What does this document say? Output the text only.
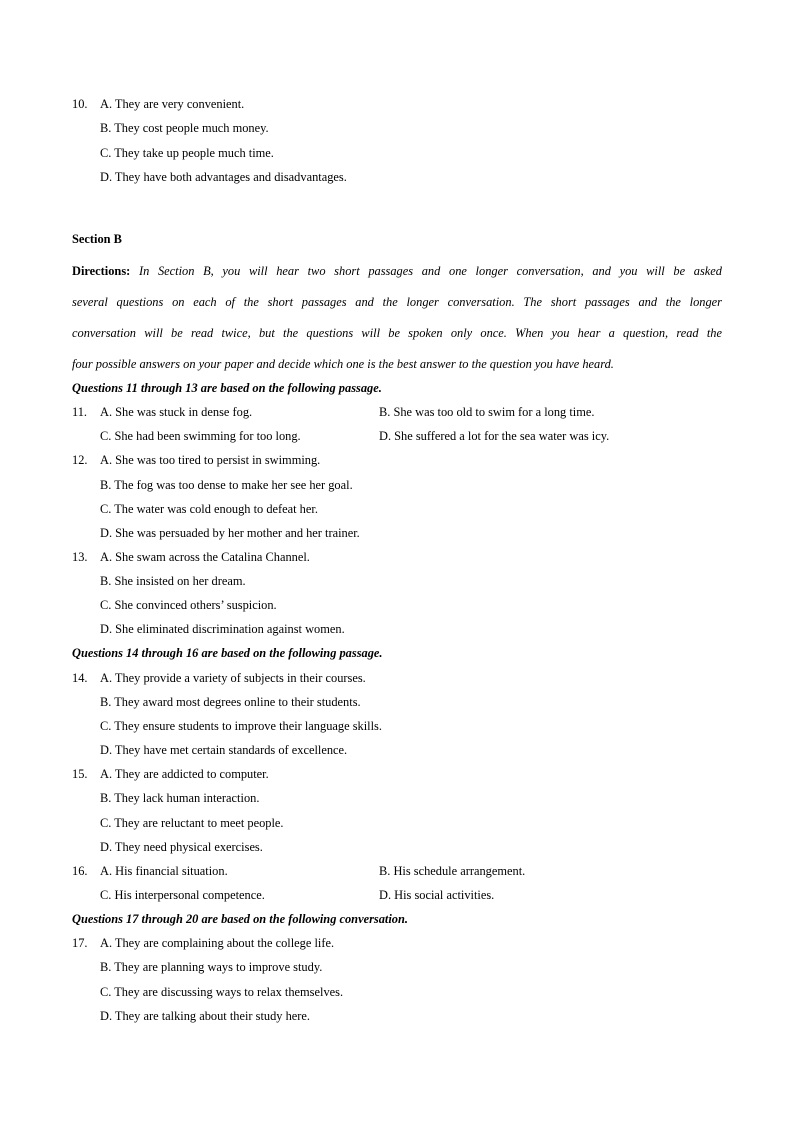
10.	A. They are very convenient.
B. They cost people much money.
C. They take up people much time.
D. They have both advantages and disadvantages.
Section B
Directions: In Section B, you will hear two short passages and one longer conversation, and you will be asked
several questions on each of the short passages and the longer conversation. The short passages and the longer
conversation will be read twice, but the questions will be spoken only once. When you hear a question, read the
four possible answers on your paper and decide which one is the best answer to the question you have heard.
Questions 11 through 13 are based on the following passage.
11.	A. She was stuck in dense fog.	B. She was too old to swim for a long time.
C. She had been swimming for too long.	D. She suffered a lot for the sea water was icy.
12.	A. She was too tired to persist in swimming.
B. The fog was too dense to make her see her goal.
C. The water was cold enough to defeat her.
D. She was persuaded by her mother and her trainer.
13.	A. She swam across the Catalina Channel.
B. She insisted on her dream.
C. She convinced others’ suspicion.
D. She eliminated discrimination against women.
Questions 14 through 16 are based on the following passage.
14.	A. They provide a variety of subjects in their courses.
B. They award most degrees online to their students.
C. They ensure students to improve their language skills.
D. They have met certain standards of excellence.
15.	A. They are addicted to computer.
B. They lack human interaction.
C. They are reluctant to meet people.
D. They need physical exercises.
16.	A. His financial situation.	B. His schedule arrangement.
C. His interpersonal competence.	D. His social activities.
Questions 17 through 20 are based on the following conversation.
17.	A. They are complaining about the college life.
B. They are planning ways to improve study.
C. They are discussing ways to relax themselves.
D. They are talking about their study here.
